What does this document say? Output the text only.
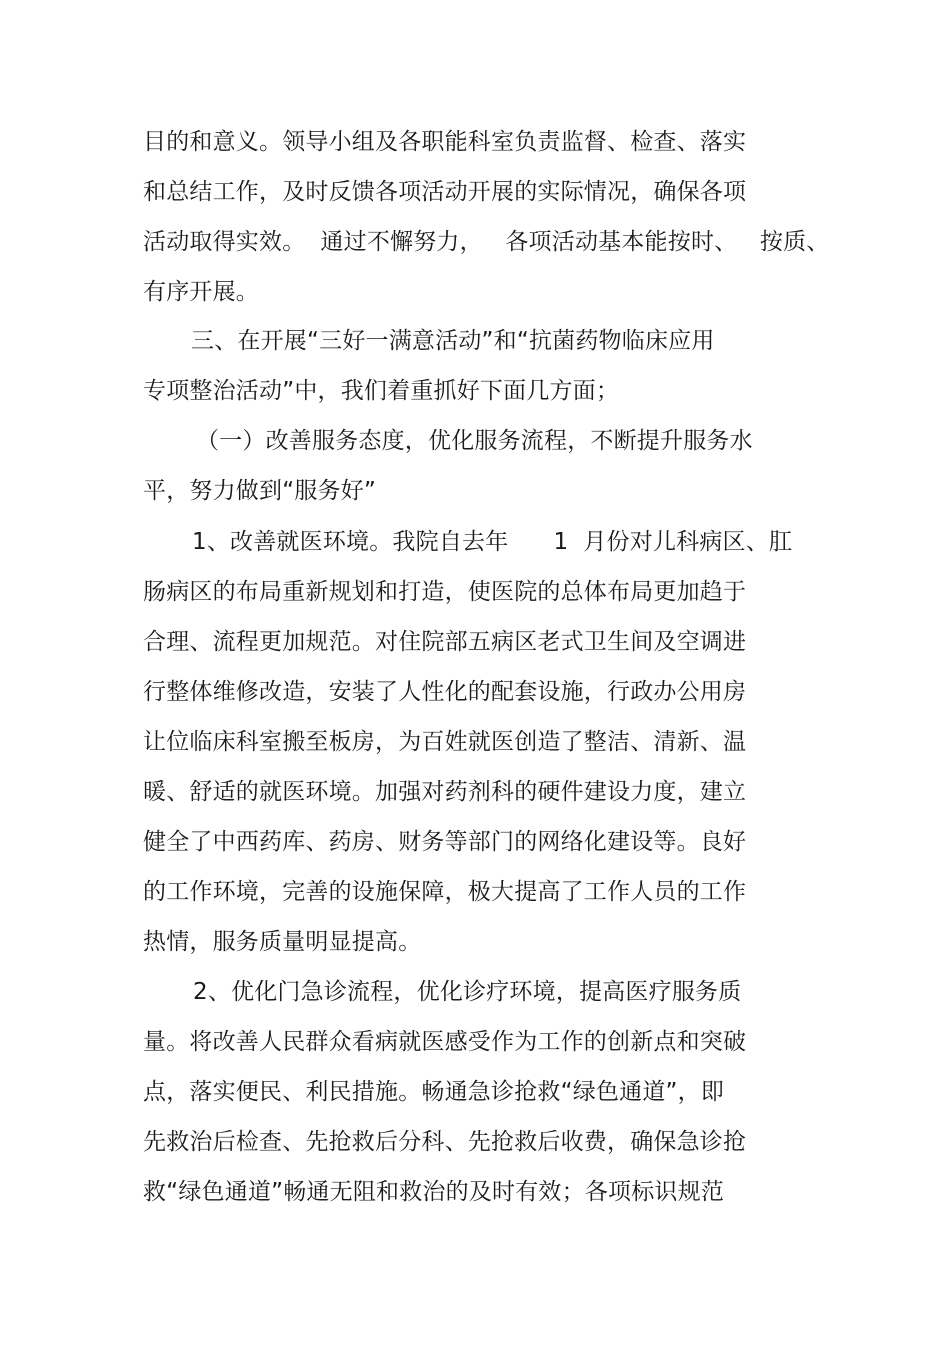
目的和意义。领导小组及各职能科室负责监督、检查、落实
和总结工作，及时反馈各项活动开展的实际情况，确保各项
活动取得实效。  通过不懈努力，   各项活动基本能按时、   按质、
有序开展。
三、在开展“三好一满意活动”和“抗菌药物临床应用
专项整治活动”中，我们着重抓好下面几方面；
（一）改善服务态度，优化服务流程，不断提升服务水
平，努力做到“服务好”
1、改善就医环境。我院自去年      1  月份对儿科病区、肛
肠病区的布局重新规划和打造，使医院的总体布局更加趋于
合理、流程更加规范。对住院部五病区老式卫生间及空调进
行整体维修改造，安装了人性化的配套设施，行政办公用房
让位临床科室搬至板房，为百姓就医创造了整洁、清新、温
暖、舒适的就医环境。加强对药剂科的硬件建设力度，建立
健全了中西药库、药房、财务等部门的网络化建设等。良好
的工作环境，完善的设施保障，极大提高了工作人员的工作
热情，服务质量明显提高。
2、优化门急诊流程，优化诊疗环境，提高医疗服务质
量。将改善人民群众看病就医感受作为工作的创新点和突破
点，落实便民、利民措施。畅通急诊抢救“绿色通道”，即
先救治后检查、先抢救后分科、先抢救后收费，确保急诊抢
救“绿色通道”畅通无阻和救治的及时有效；各项标识规范
